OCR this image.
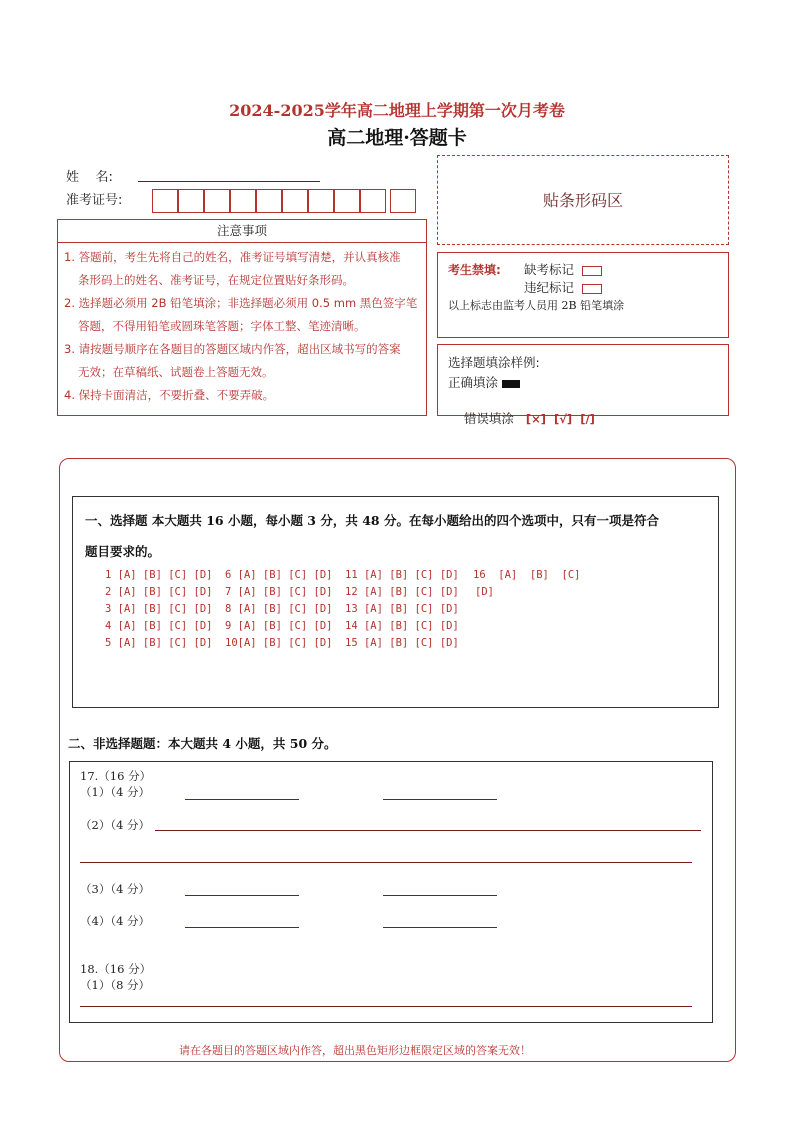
2024-2025学年高二地理上学期第一次月考卷
高二地理·答题卡
姓    名:
准考证号:	贴条形码区
注意事项
1. 答题前，考生先将自己的姓名，准考证号填写清楚，并认真核准
条形码上的姓名、准考证号，在规定位置贴好条形码。
2. 选择题必须用 2B 铅笔填涂；非选择题必须用 0.5 mm 黑色签字笔
答题，不得用铅笔或圆珠笔答题；字体工整、笔迹清晰。
3. 请按题号顺序在各题目的答题区域内作答，超出区域书写的答案
无效；在草稿纸、试题卷上答题无效。
4. 保持卡面清洁，不要折叠、不要弄破。
考生禁填: 缺考标记
违纪标记
以上标志由监考人员用 2B 铅笔填涂
选择题填涂样例:
正确填涂

错误填涂 [×]  [√]  [/]

一、选择题 本大题共 16 小题，每小题 3 分，共 48 分。在每小题给出的四个选项中，只有一项是符合
题目要求的。
1 [A] [B] [C] [D] 6 [A] [B] [C] [D] 11 [A] [B] [C] [D] 16  [A]  [B]  [C]
2 [A] [B] [C] [D] 7 [A] [B] [C] [D] 12 [A] [B] [C] [D] [D]
3 [A] [B] [C] [D] 8 [A] [B] [C] [D] 13 [A] [B] [C] [D]
4 [A] [B] [C] [D] 9 [A] [B] [C] [D] 14 [A] [B] [C] [D]
5 [A] [B] [C] [D] 10[A] [B] [C] [D] 15 [A] [B] [C] [D]
二、非选择题题：本大题共 4 小题，共 50 分。
17.（16 分）
（1）（4 分）
（2）（4 分）
（3）（4 分）
（4）（4 分）
18.（16 分）
（1）（8 分）
请在各题目的答题区域内作答，超出黑色矩形边框限定区域的答案无效！
